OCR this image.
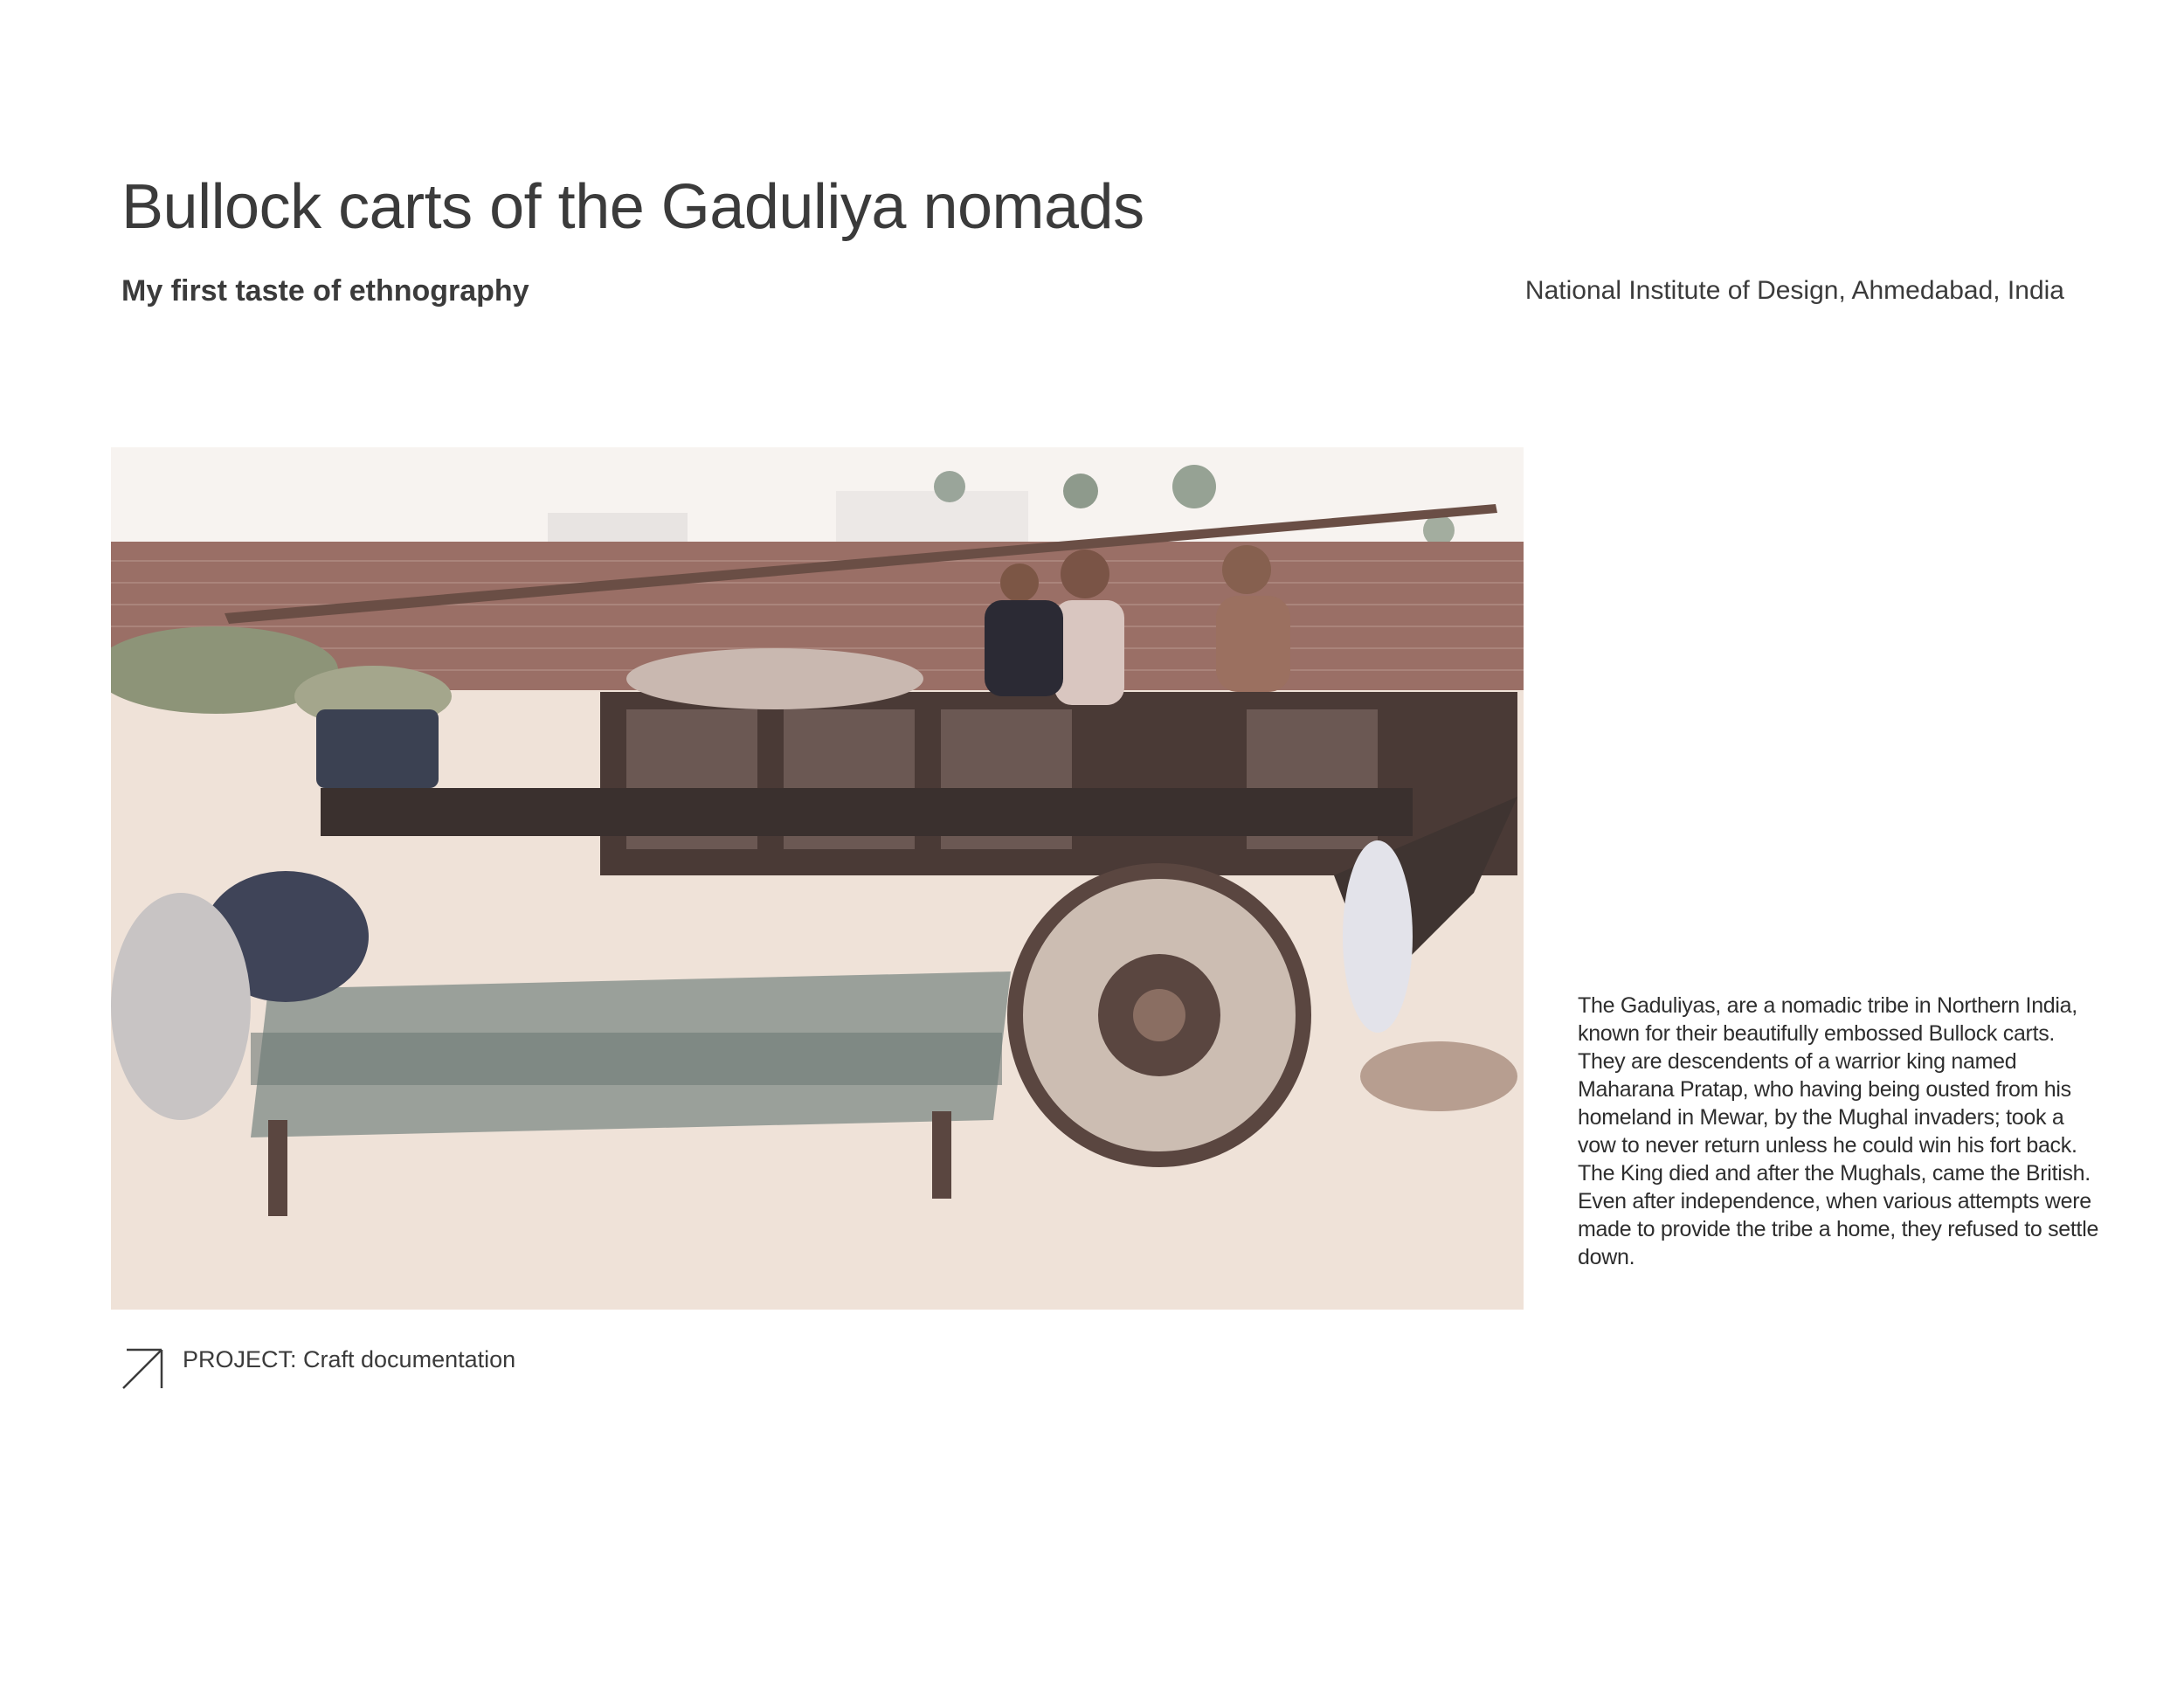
Bullock carts of the Gaduliya nomads
My first taste of ethnography	National Institute of Design, Ahmedabad, India

The Gaduliyas, are a nomadic tribe in Northern India, known for their beautifully embossed Bullock carts. They are descendents of a warrior king named Maharana Pratap, who having being ousted from his homeland in Mewar, by the Mughal invaders; took a vow to never return unless he could win his fort back. The King died and after the Mughals, came the British. Even after independence, when various attempts were made to provide the tribe a home, they refused to settle down.

PROJECT: Craft documentation
